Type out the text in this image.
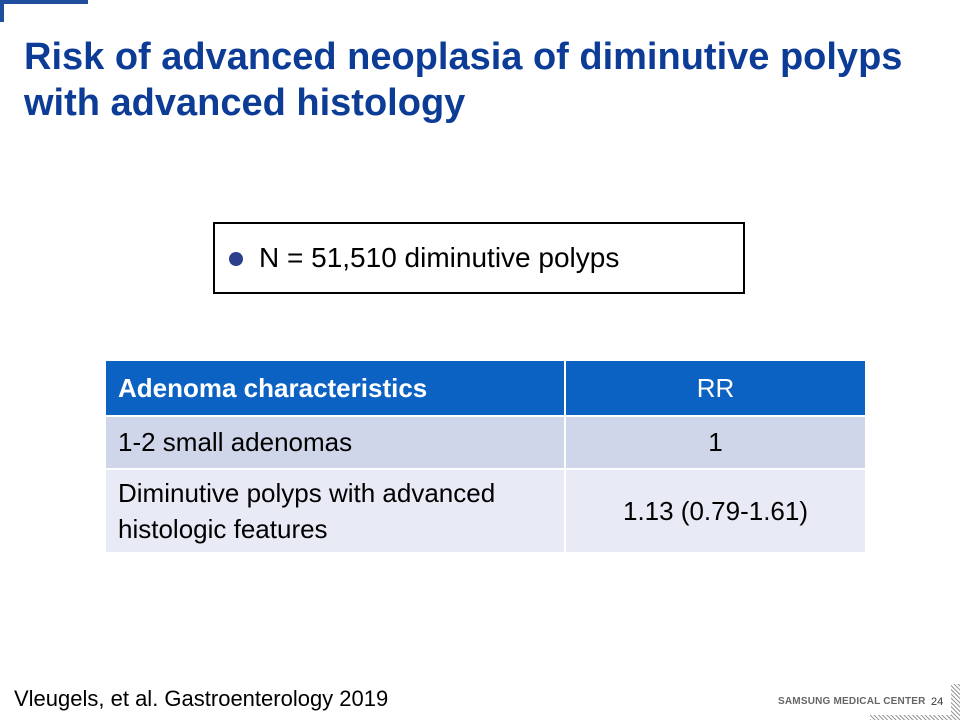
Risk of advanced neoplasia of diminutive polyps with advanced histology
N = 51,510 diminutive polyps
Adenoma characteristics	RR
1-2 small adenomas	1
Diminutive polyps with advanced histologic features	1.13 (0.79-1.61)
Vleugels, et al. Gastroenterology 2019	SAMSUNG MEDICAL CENTER 24
